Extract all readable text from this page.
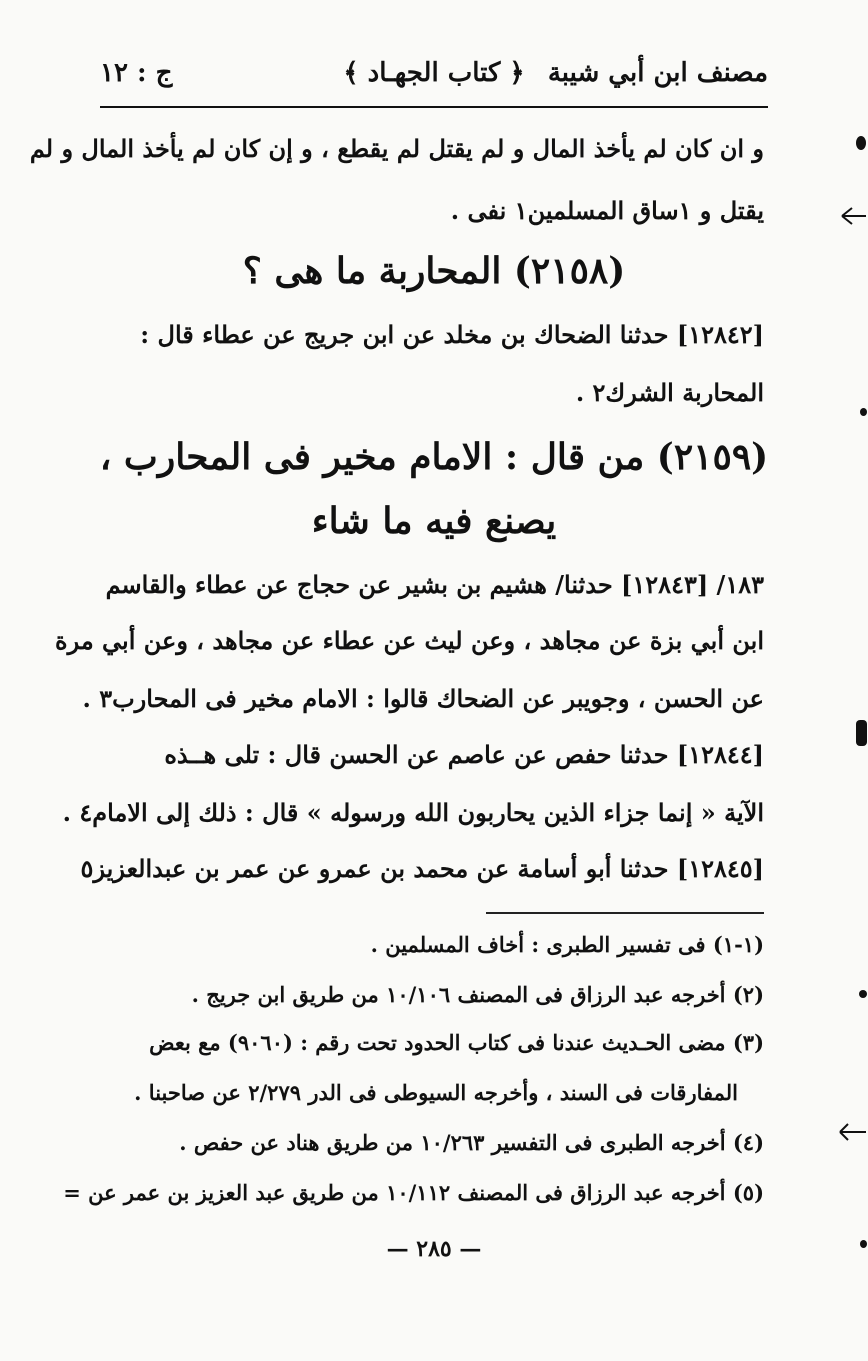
مصنف ابن أبي شيبة
﴿ كتاب الجهـاد ﴾
ج : ١٢
و ان كان لم يأخذ المال و لم يقتل لم يقطع ، و إن كان لم يأخذ المال و لم
يقتل و ١ساق المسلمين١ نفى .
(٢١٥٨) المحاربة ما هى ؟
[١٢٨٤٢] حدثنا الضحاك بن مخلد عن ابن جريج عن عطاء قال :
المحاربة الشرك٢ .
(٢١٥٩) من قال : الامام مخير فى المحارب ،
يصنع فيه ما شاء
١٨٣/ [١٢٨٤٣] حدثنا/ هشيم بن بشير عن حجاج عن عطاء والقاسم
ابن أبي بزة عن مجاهد ، وعن ليث عن عطاء عن مجاهد ، وعن أبي مرة
عن الحسن ، وجويبر عن الضحاك قالوا : الامام مخير فى المحارب٣ .
[١٢٨٤٤] حدثنا حفص عن عاصم عن الحسن قال : تلى هــذه
الآية « إنما جزاء الذين يحاربون الله ورسوله » قال : ذلك إلى الامام٤ .
[١٢٨٤٥] حدثنا أبو أسامة عن محمد بن عمرو عن عمر بن عبدالعزيز٥
(١-١) فى تفسير الطبرى : أخاف المسلمين .
(٢) أخرجه عبد الرزاق فى المصنف ١٠/١٠٦ من طريق ابن جريج .
(٣) مضى الحـديث عندنا فى كتاب الحدود تحت رقم : (٩٠٦٠) مع بعض
المفارقات فى السند ، وأخرجه السيوطى فى الدر ٢/٢٧٩ عن صاحبنا .
(٤) أخرجه الطبرى فى التفسير ١٠/٢٦٣ من طريق هناد عن حفص .
(٥) أخرجه عبد الرزاق فى المصنف ١٠/١١٢ من طريق عبد العزيز بن عمر عن =
— ٢٨٥ —
